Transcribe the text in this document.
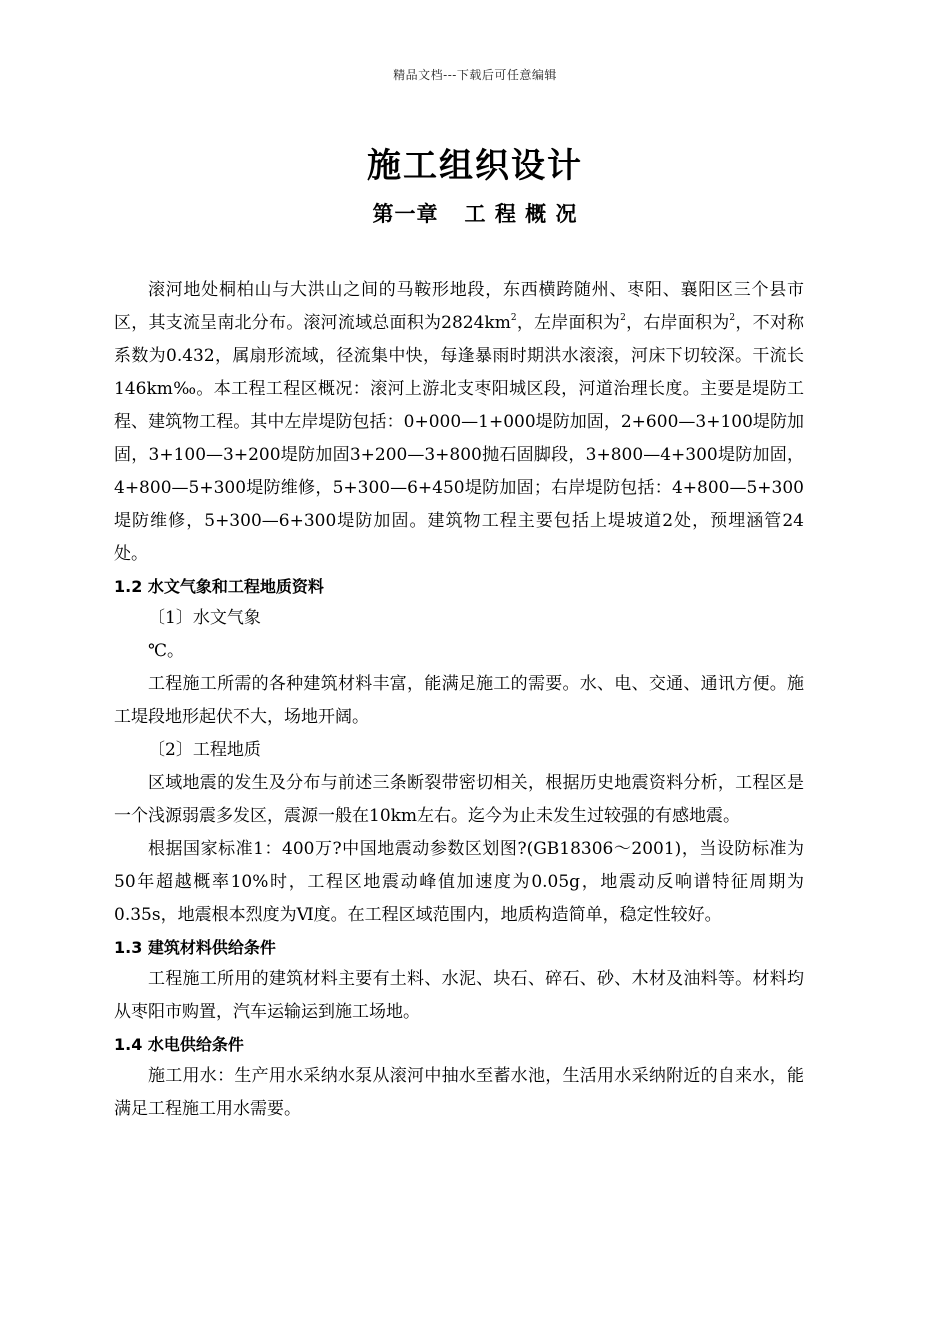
精品文档---下载后可任意编辑
施工组织设计
第一章 工 程 概 况

滚河地处桐柏山与大洪山之间的马鞍形地段，东西横跨随州、枣阳、襄阳区三个县市区，其支流呈南北分布。滚河流域总面积为$2824km^2$，左岸面积为$^2$，右岸面积为$^2$，不对称系数为0.432，属扇形流域，径流集中快，每逢暴雨时期洪水滚滚，河床下切较深。干流长146km‰。本工程工程区概况：滚河上游北支枣阳城区段，河道治理长度。主要是堤防工程、建筑物工程。其中左岸堤防包括：0+000—1+000堤防加固，2+600—3+100堤防加固，3+100—3+200堤防加固3+200—3+800抛石固脚段，3+800—4+300堤防加固，4+800—5+300堤防维修，5+300—6+450堤防加固；右岸堤防包括：4+800—5+300堤防维修，5+300—6+300堤防加固。建筑物工程主要包括上堤坡道2处，预埋涵管24处。

1.2 水文气象和工程地质资料

〔1〕水文气象

℃。

工程施工所需的各种建筑材料丰富，能满足施工的需要。水、电、交通、通讯方便。施工堤段地形起伏不大，场地开阔。

〔2〕工程地质

区域地震的发生及分布与前述三条断裂带密切相关，根据历史地震资料分析，工程区是一个浅源弱震多发区，震源一般在10km左右。迄今为止未发生过较强的有感地震。

根据国家标准1：400万?中国地震动参数区划图?(GB18306～2001)，当设防标准为50年超越概率10%时，工程区地震动峰值加速度为0.05g，地震动反响谱特征周期为0.35s，地震根本烈度为Ⅵ度。在工程区域范围内，地质构造简单，稳定性较好。

1.3 建筑材料供给条件

工程施工所用的建筑材料主要有土料、水泥、块石、碎石、砂、木材及油料等。材料均从枣阳市购置，汽车运输运到施工场地。

1.4 水电供给条件

施工用水：生产用水采纳水泵从滚河中抽水至蓄水池，生活用水采纳附近的自来水，能满足工程施工用水需要。
